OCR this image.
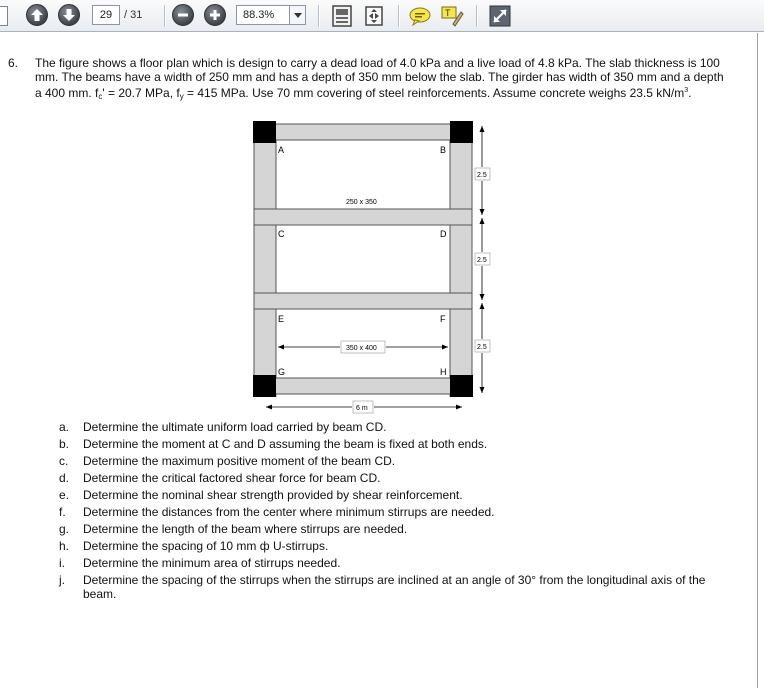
29	/ 31	88.3%	T
6. The figure shows a floor plan which is design to carry a dead load of 4.0 kPa and a live load of 4.8 kPa. The slab thickness is 100 mm. The beams have a width of 250 mm and has a depth of 350 mm below the slab. The girder has width of 350 mm and a depth a 400 mm. $f_c' = 20.7$ MPa, $f_y = 415$ MPa. Use 70 mm covering of steel reinforcements. Assume concrete weighs 23.5 $kN/m^3$.
A	B
C	D
E	F
G	H
250 x 350
350 x 400
6 m
2.5
2.5
2.5
a.	Determine the ultimate uniform load carried by beam CD.
b.	Determine the moment at C and D assuming the beam is fixed at both ends.
c.	Determine the maximum positive moment of the beam CD.
d.	Determine the critical factored shear force for beam CD.
e.	Determine the nominal shear strength provided by shear reinforcement.
f.	Determine the distances from the center where minimum stirrups are needed.
g.	Determine the length of the beam where stirrups are needed.
h.	Determine the spacing of 10 mm ф U-stirrups.
i.	Determine the minimum area of stirrups needed.
j.	Determine the spacing of the stirrups when the stirrups are inclined at an angle of 30° from the longitudinal axis of the beam.
